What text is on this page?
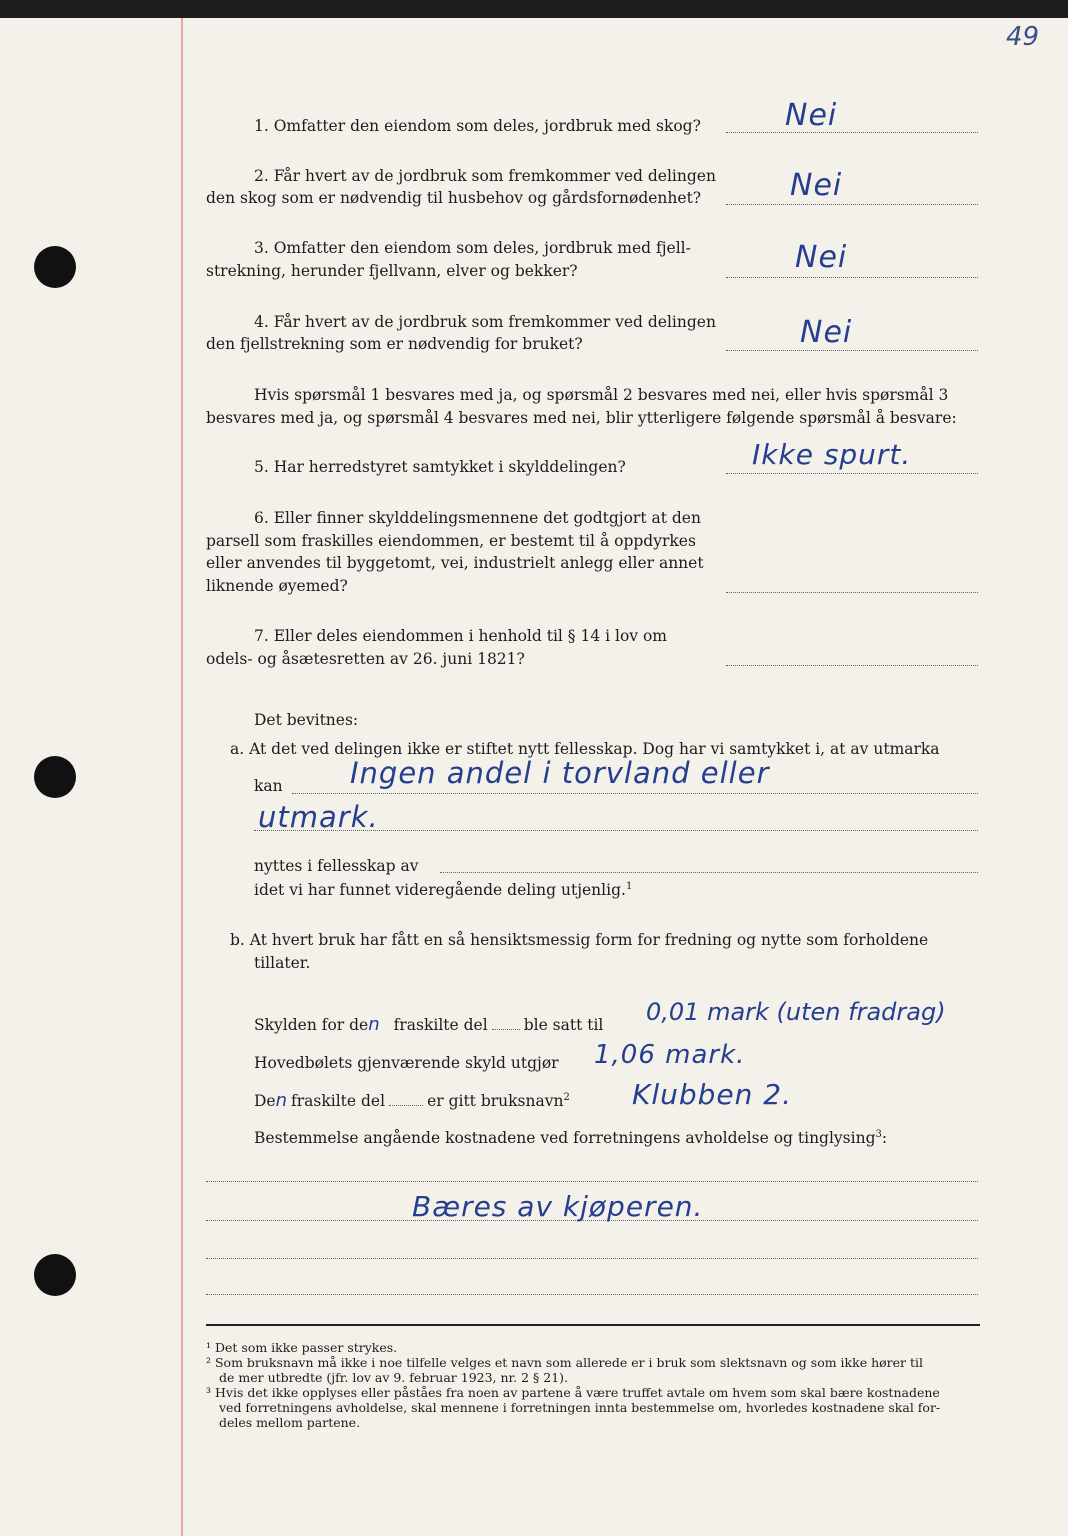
49
1. Omfatter den eiendom som deles, jordbruk med skog?	Nei
2. Får hvert av de jordbruk som fremkommer ved delingen
den skog som er nødvendig til husbehov og gårdsfornødenhet?	Nei
3. Omfatter den eiendom som deles, jordbruk med fjell-
strekning, herunder fjellvann, elver og bekker?	Nei
4. Får hvert av de jordbruk som fremkommer ved delingen
den fjellstrekning som er nødvendig for bruket?	Nei
Hvis spørsmål 1 besvares med ja, og spørsmål 2 besvares med nei, eller hvis spørsmål 3
besvares med ja, og spørsmål 4 besvares med nei, blir ytterligere følgende spørsmål å besvare:
5. Har herredstyret samtykket i skylddelingen?	Ikke spurt.
6. Eller finner skylddelingsmennene det godtgjort at den
parsell som fraskilles eiendommen, er bestemt til å oppdyrkes
eller anvendes til byggetomt, vei, industrielt anlegg eller annet
liknende øyemed?
7. Eller deles eiendommen i henhold til § 14 i lov om
odels- og åsætesretten av 26. juni 1821?
Det bevitnes:
a. At det ved delingen ikke er stiftet nytt fellesskap. Dog har vi samtykket i, at av utmarka
kan Ingen andel i torvland eller
utmark.
nyttes i fellesskap av
idet vi har funnet videregående deling utjenlig.$^1$
b. At hvert bruk har fått en så hensiktsmessig form for fredning og nytte som forholdene
tillater.
Skylden for den fraskilte del ble satt til 0,01 mark (uten fradrag)
Hovedbølets gjenværende skyld utgjør 1,06 mark.
Den fraskilte del	er gitt bruksnavn$^2$ Klubben 2.
Bestemmelse angående kostnadene ved forretningens avholdelse og tinglysing$^3$:
Bæres av kjøperen.
¹ Det som ikke passer strykes.
² Som bruksnavn må ikke i noe tilfelle velges et navn som allerede er i bruk som slektsnavn og som ikke hører til
de mer utbredte (jfr. lov av 9. februar 1923, nr. 2 § 21).
³ Hvis det ikke opplyses eller påståes fra noen av partene å være truffet avtale om hvem som skal bære kostnadene
ved forretningens avholdelse, skal mennene i forretningen innta bestemmelse om, hvorledes kostnadene skal for-
deles mellom partene.
